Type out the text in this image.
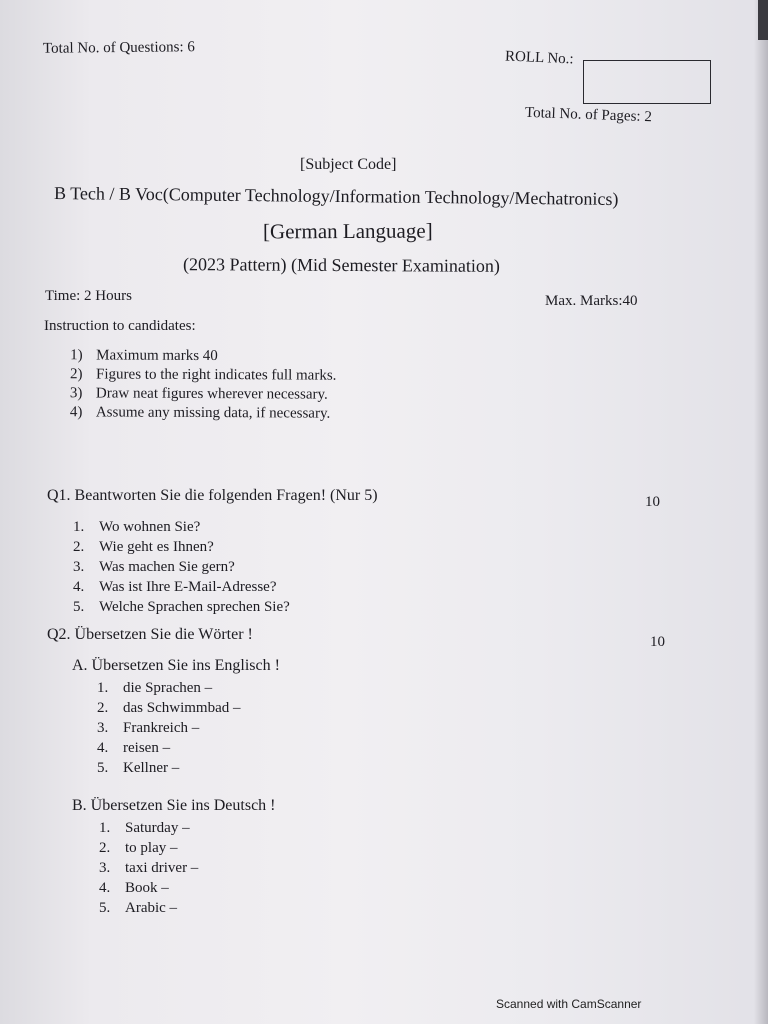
Total No. of Questions: 6
ROLL No.:
Total No. of Pages: 2
[Subject Code]
B Tech / B Voc(Computer Technology/Information Technology/Mechatronics)
[German Language]
(2023 Pattern) (Mid Semester Examination)
Time: 2 Hours	Max. Marks:40
Instruction to candidates:
1) Maximum marks 40
2) Figures to the right indicates full marks.
3) Draw neat figures wherever necessary.
4) Assume any missing data, if necessary.
Q1. Beantworten Sie die folgenden Fragen! (Nur 5)	10
1. Wo wohnen Sie?
2. Wie geht es Ihnen?
3. Was machen Sie gern?
4. Was ist Ihre E-Mail-Adresse?
5. Welche Sprachen sprechen Sie?
Q2. Übersetzen Sie die Wörter !	10
A. Übersetzen Sie ins Englisch !
1. die Sprachen –
2. das Schwimmbad –
3. Frankreich –
4. reisen –
5. Kellner –
B. Übersetzen Sie ins Deutsch !
1. Saturday –
2. to play –
3. taxi driver –
4. Book –
5. Arabic –
Scanned with CamScanner
